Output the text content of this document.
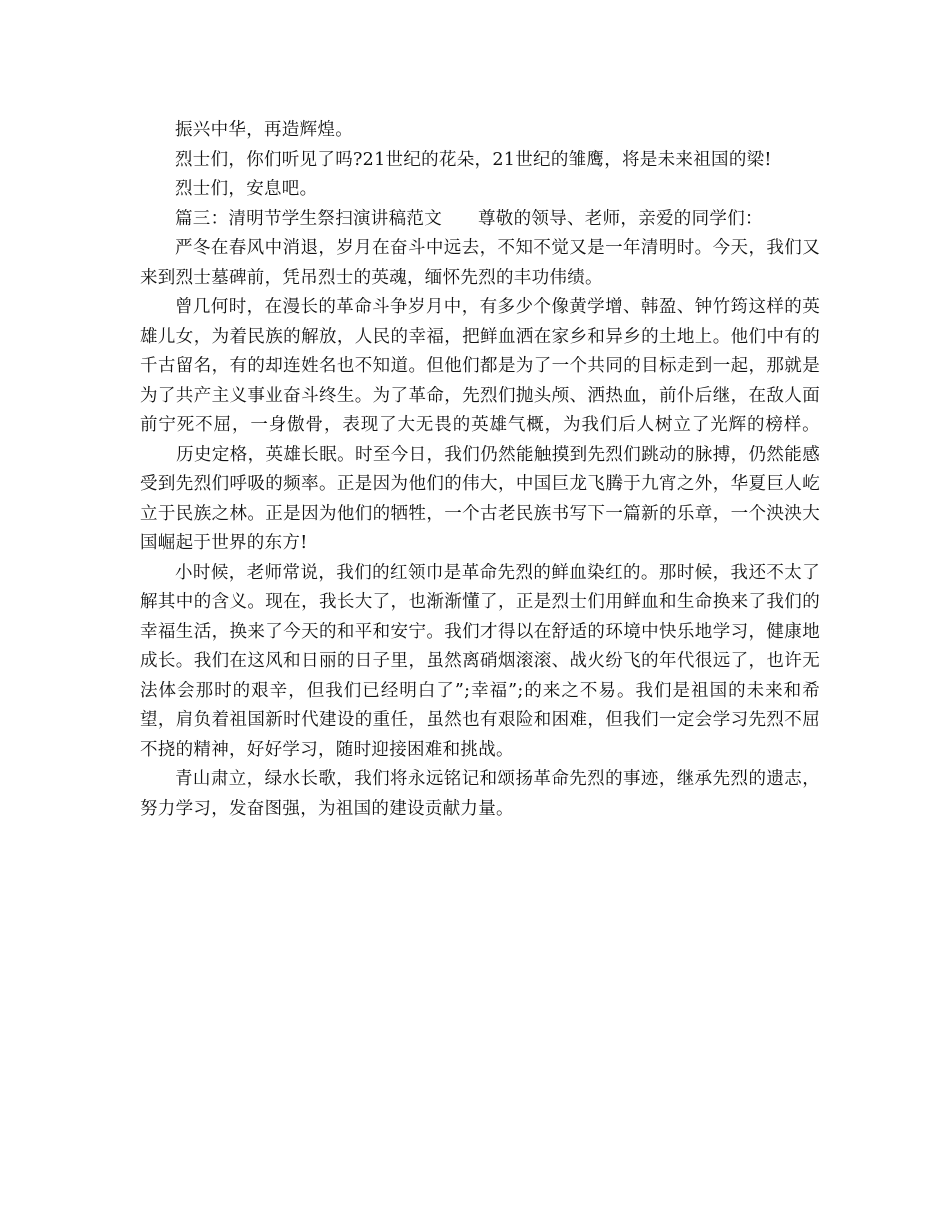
振兴中华，再造辉煌。

烈士们，你们听见了吗?21世纪的花朵，21世纪的雏鹰，将是未来祖国的梁!

烈士们，安息吧。

篇三：清明节学生祭扫演讲稿范文 尊敬的领导、老师，亲爱的同学们：

严冬在春风中消退，岁月在奋斗中远去，不知不觉又是一年清明时。今天，我们又来到烈士墓碑前，凭吊烈士的英魂，缅怀先烈的丰功伟绩。

曾几何时，在漫长的革命斗争岁月中，有多少个像黄学增、韩盈、钟竹筠这样的英雄儿女，为着民族的解放，人民的幸福，把鲜血洒在家乡和异乡的土地上。他们中有的千古留名，有的却连姓名也不知道。但他们都是为了一个共同的目标走到一起，那就是为了共产主义事业奋斗终生。为了革命，先烈们抛头颅、洒热血，前仆后继，在敌人面前宁死不屈，一身傲骨，表现了大无畏的英雄气概，为我们后人树立了光辉的榜样。历史定格，英雄长眠。时至今日，我们仍然能触摸到先烈们跳动的脉搏，仍然能感受到先烈们呼吸的频率。正是因为他们的伟大，中国巨龙飞腾于九宵之外，华夏巨人屹立于民族之林。正是因为他们的牺牲，一个古老民族书写下一篇新的乐章，一个泱泱大国崛起于世界的东方!

小时候，老师常说，我们的红领巾是革命先烈的鲜血染红的。那时候，我还不太了解其中的含义。现在，我长大了，也渐渐懂了，正是烈士们用鲜血和生命换来了我们的幸福生活，换来了今天的和平和安宁。我们才得以在舒适的环境中快乐地学习，健康地成长。我们在这风和日丽的日子里，虽然离硝烟滚滚、战火纷飞的年代很远了，也许无法体会那时的艰辛，但我们已经明白了”;幸福”;的来之不易。我们是祖国的未来和希望，肩负着祖国新时代建设的重任，虽然也有艰险和困难，但我们一定会学习先烈不屈不挠的精神，好好学习，随时迎接困难和挑战。

青山肃立，绿水长歌，我们将永远铭记和颂扬革命先烈的事迹，继承先烈的遗志，努力学习，发奋图强，为祖国的建设贡献力量。
